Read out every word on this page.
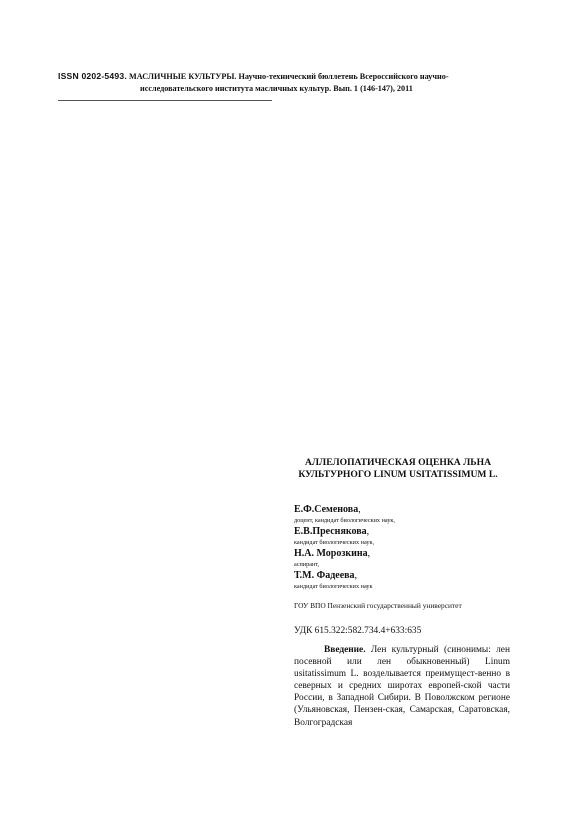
ISSN 0202-5493. МАСЛИЧНЫЕ КУЛЬТУРЫ. Научно-технический бюллетень Всероссийского научно-
исследовательского института масличных культур. Вып. 1 (146-147), 2011
АЛЛЕЛОПАТИЧЕСКАЯ ОЦЕНКА ЛЬНА КУЛЬТУРНОГО LINUM USITATISSIMUM L.
Е.Ф.Семенова,
доцент, кандидат биологических наук,
Е.В.Преснякова,
кандидат биологических наук,
Н.А. Морозкина,
аспирант,
Т.М. Фадеева,
кандидат биологических наук
ГОУ ВПО Пензенский государственный университет
УДК 615.322:582.734.4+633:635
Введение. Лен культурный (синонимы: лен посевной или лен обыкновенный) Linum usitatissimum L. возделывается преимущест-венно в северных и средних широтах европей-ской части России, в Западной Сибири. В Поволжском регионе (Ульяновская, Пензен-ская, Самарская, Саратовская, Волгоградская
